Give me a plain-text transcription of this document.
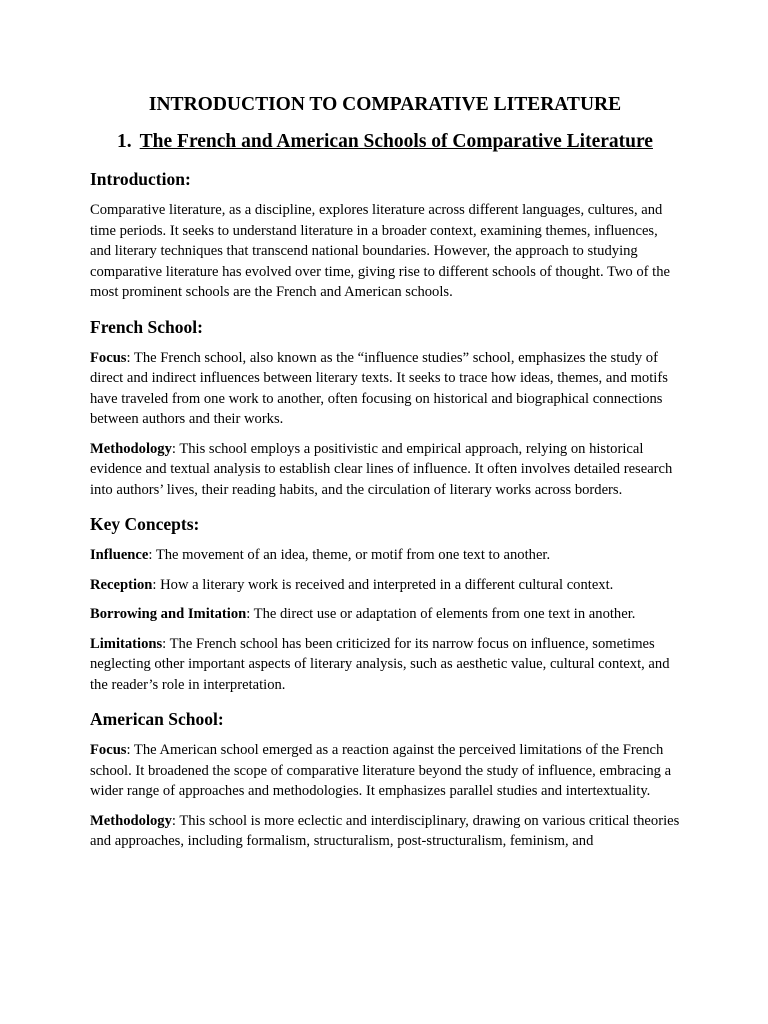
INTRODUCTION TO COMPARATIVE LITERATURE
1. The French and American Schools of Comparative Literature
Introduction:

Comparative literature, as a discipline, explores literature across different languages, cultures, and time periods. It seeks to understand literature in a broader context, examining themes, influences, and literary techniques that transcend national boundaries. However, the approach to studying comparative literature has evolved over time, giving rise to different schools of thought. Two of the most prominent schools are the French and American schools.

French School:

Focus: The French school, also known as the “influence studies” school, emphasizes the study of direct and indirect influences between literary texts. It seeks to trace how ideas, themes, and motifs have traveled from one work to another, often focusing on historical and biographical connections between authors and their works.

Methodology: This school employs a positivistic and empirical approach, relying on historical evidence and textual analysis to establish clear lines of influence. It often involves detailed research into authors’ lives, their reading habits, and the circulation of literary works across borders.

Key Concepts:

Influence: The movement of an idea, theme, or motif from one text to another.

Reception: How a literary work is received and interpreted in a different cultural context.

Borrowing and Imitation: The direct use or adaptation of elements from one text in another.

Limitations: The French school has been criticized for its narrow focus on influence, sometimes neglecting other important aspects of literary analysis, such as aesthetic value, cultural context, and the reader’s role in interpretation.

American School:

Focus: The American school emerged as a reaction against the perceived limitations of the French school. It broadened the scope of comparative literature beyond the study of influence, embracing a wider range of approaches and methodologies. It emphasizes parallel studies and intertextuality.

Methodology: This school is more eclectic and interdisciplinary, drawing on various critical theories and approaches, including formalism, structuralism, post-structuralism, feminism, and
